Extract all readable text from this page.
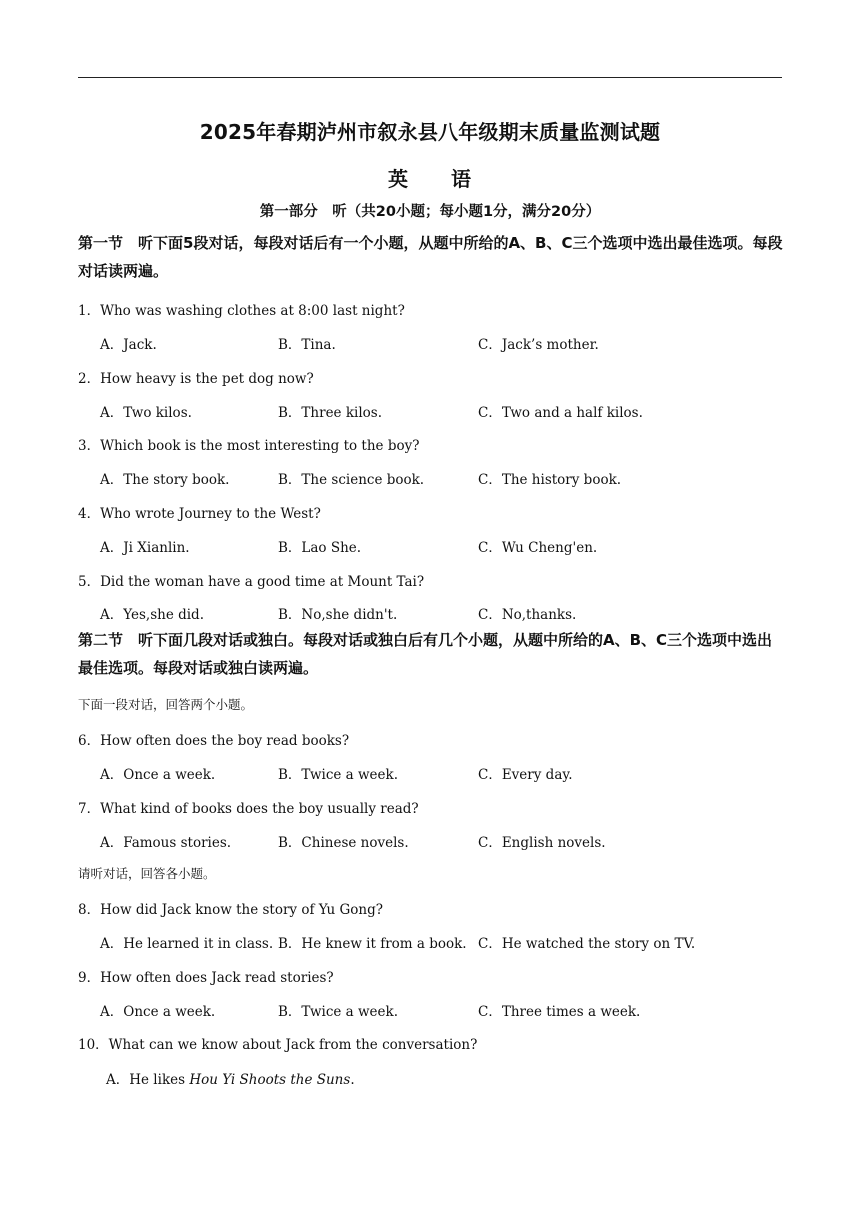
2025年春期泸州市叙永县八年级期末质量监测试题
英　　语
第一部分　听（共20小题；每小题1分，满分20分）
第一节　听下面5段对话，每段对话后有一个小题，从题中所给的A、B、C三个选项中选出最佳选项。每段对话读两遍。
1．Who was washing clothes at 8:00 last night?
A．Jack.	B．Tina.	C．Jack’s mother.
2．How heavy is the pet dog now?
A．Two kilos.	B．Three kilos.	C．Two and a half kilos.
3．Which book is the most interesting to the boy?
A．The story book.	B．The science book.	C．The history book.
4．Who wrote Journey to the West?
A．Ji Xianlin.	B．Lao She.	C．Wu Cheng'en.
5．Did the woman have a good time at Mount Tai?
A．Yes,she did.	B．No,she didn't.	C．No,thanks.
第二节　听下面几段对话或独白。每段对话或独白后有几个小题，从题中所给的A、B、C三个选项中选出最佳选项。每段对话或独白读两遍。
下面一段对话，回答两个小题。
6．How often does the boy read books?
A．Once a week.	B．Twice a week.	C．Every day.
7．What kind of books does the boy usually read?
A．Famous stories.	B．Chinese novels.	C．English novels.
请听对话，回答各小题。
8．How did Jack know the story of Yu Gong?
A．He learned it in class. B．He knew it from a book. C．He watched the story on TV.
9．How often does Jack read stories?
A．Once a week.	B．Twice a week.	C．Three times a week.
10．What can we know about Jack from the conversation?
A．He likes Hou Yi Shoots the Suns.
